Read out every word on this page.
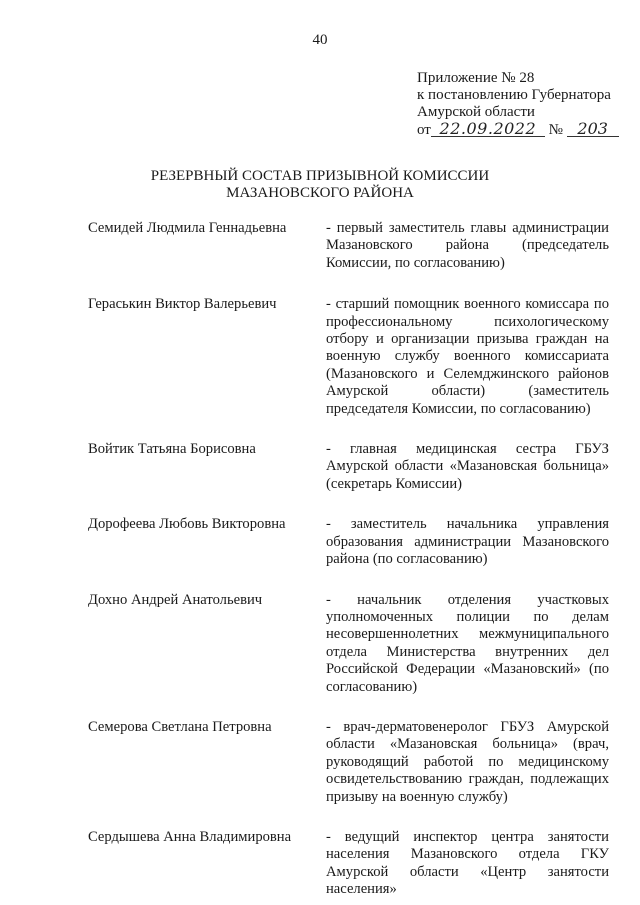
40
Приложение № 28
к постановлению Губернатора
Амурской области
от 22.09.2022 № 203
РЕЗЕРВНЫЙ СОСТАВ ПРИЗЫВНОЙ КОМИССИИ
МАЗАНОВСКОГО РАЙОНА
Семидей Людмила Геннадьевна	- первый заместитель главы администрации Мазановского района (председатель Комиссии, по согласованию)
Гераськин Виктор Валерьевич	- старший помощник военного комиссара по профессиональному психологическому отбору и организации призыва граждан на военную службу военного комиссариата (Мазановского и Селемджинского районов Амурской области) (заместитель председателя Комиссии, по согласованию)
Войтик Татьяна Борисовна	- главная медицинская сестра ГБУЗ Амурской области «Мазановская больница» (секретарь Комиссии)
Дорофеева Любовь Викторовна	- заместитель начальника управления образования администрации Мазановского района (по согласованию)
Дохно Андрей Анатольевич	- начальник отделения участковых уполномоченных полиции по делам несовершеннолетних межмуниципального отдела Министерства внутренних дел Российской Федерации «Мазановский» (по согласованию)
Семерова Светлана Петровна	- врач-дерматовенеролог ГБУЗ Амурской области «Мазановская больница» (врач, руководящий работой по медицинскому освидетельствованию граждан, подлежащих призыву на военную службу)
Сердышева Анна Владимировна	- ведущий инспектор центра занятости населения Мазановского отдела ГКУ Амурской области «Центр занятости населения»
